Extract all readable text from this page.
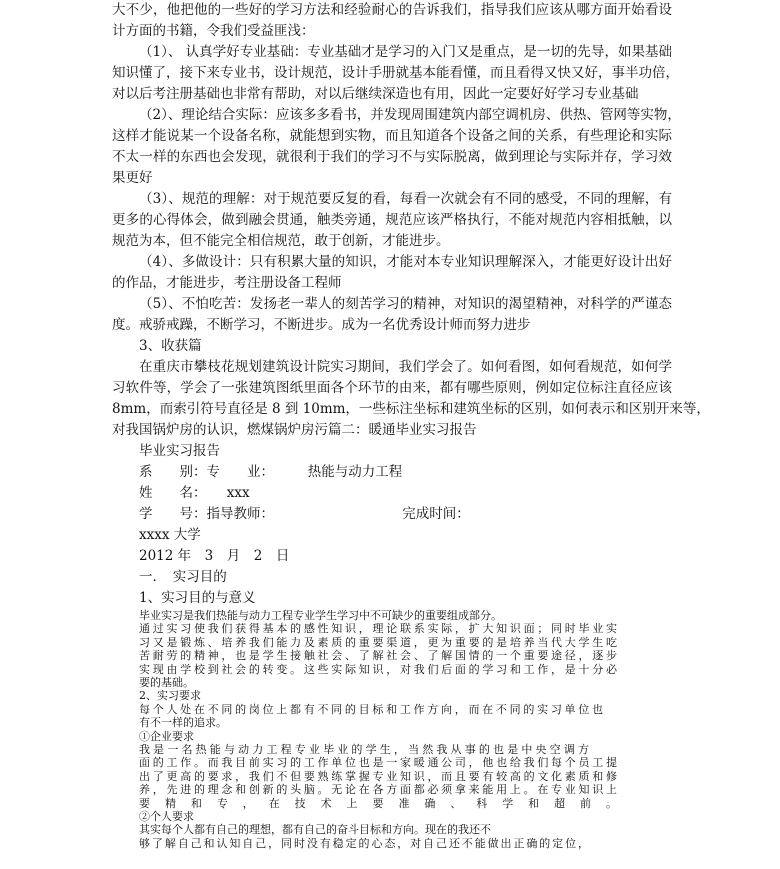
大不少，他把他的一些好的学习方法和经验耐心的告诉我们，指导我们应该从哪方面开始看设
计方面的书籍，令我们受益匪浅：
（1）、 认真学好专业基础：专业基础才是学习的入门又是重点，是一切的先导，如果基础
知识懂了，接下来专业书，设计规范，设计手册就基本能看懂，而且看得又快又好，事半功倍，
对以后考注册基础也非常有帮助，对以后继续深造也有用，因此一定要好好学习专业基础
（2）、理论结合实际：应该多多看书，并发现周围建筑内部空调机房、供热、管网等实物，
这样才能说某一个设备名称，就能想到实物，而且知道各个设备之间的关系，有些理论和实际
不太一样的东西也会发现，就很利于我们的学习不与实际脱离，做到理论与实际并存，学习效
果更好
（3）、规范的理解：对于规范要反复的看，每看一次就会有不同的感受，不同的理解，有
更多的心得体会，做到融会贯通，触类旁通，规范应该严格执行，不能对规范内容相抵触，以
规范为本，但不能完全相信规范，敢于创新，才能进步。
（4）、多做设计：只有积累大量的知识，才能对本专业知识理解深入，才能更好设计出好
的作品，才能进步，考注册设备工程师
（5）、不怕吃苦：发扬老一辈人的刻苦学习的精神，对知识的渴望精神，对科学的严谨态
度。戒骄戒躁，不断学习，不断进步。成为一名优秀设计师而努力进步
3、收获篇
在重庆市攀枝花规划建筑设计院实习期间，我们学会了。如何看图，如何看规范，如何学
习软件等，学会了一张建筑图纸里面各个环节的由来，都有哪些原则，例如定位标注直径应该
8mm，而索引符号直径是 8 到 10mm，一些标注坐标和建筑坐标的区别，如何表示和区别开来等，
对我国锅炉房的认识，燃煤锅炉房污篇二：暖通毕业实习报告
毕业实习报告
系　　别：专　　业：　　　热能与动力工程
姓　　名：　　xxx
学　　号：指导教师：　　　　　　　　　　完成时间：
xxxx 大学
2012 年　3　月　2　日
一．　实习目的
1、实习目的与意义
毕业实习是我们热能与动力工程专业学生学习中不可缺少的重要组成部分。
通过实习使我们获得基本的感性知识，理论联系实际，扩大知识面；同时毕业实
习又是锻炼、培养我们能力及素质的重要渠道，更为重要的是培养当代大学生吃
苦耐劳的精神，也是学生接触社会、了解社会、了解国情的一个重要途径，逐步
实现由学校到社会的转变。这些实际知识，对我们后面的学习和工作，是十分必
要的基础。
2、实习要求
每个人处在不同的岗位上都有不同的目标和工作方向，而在不同的实习单位也
有不一样的追求。
①企业要求
我是一名热能与动力工程专业毕业的学生，当然我从事的也是中央空调方
面的工作。而我目前实习的工作单位也是一家暖通公司，他也给我们每个员工提
出了更高的要求，我们不但要熟练掌握专业知识，而且要有较高的文化素质和修
养，先进的理念和创新的头脑。无论在各方面都必须拿来能用上。在专业知识上
要精和专，在技术上要准确、科学和超前。
②个人要求
其实每个人都有自己的理想，都有自己的奋斗目标和方向。现在的我还不
够了解自己和认知自己，同时没有稳定的心态，对自己还不能做出正确的定位，
